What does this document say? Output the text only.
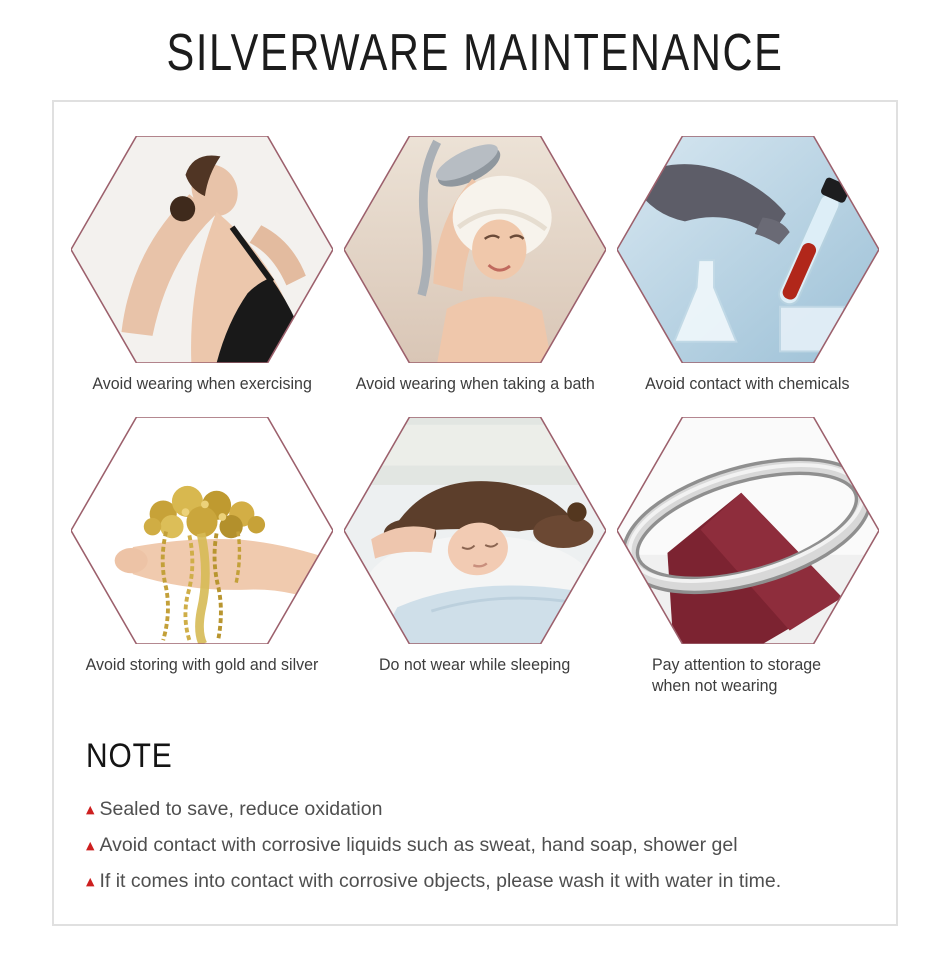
SILVERWARE MAINTENANCE
Avoid wearing when exercising	Avoid wearing when taking a bath	Avoid contact with chemicals
Avoid storing with gold and silver	Do not wear while sleeping	Pay attention to storage when not wearing
NOTE
▲ Sealed to save, reduce oxidation
▲ Avoid contact with corrosive liquids such as sweat, hand soap, shower gel
▲ If it comes into contact with corrosive objects, please wash it with water in time.
